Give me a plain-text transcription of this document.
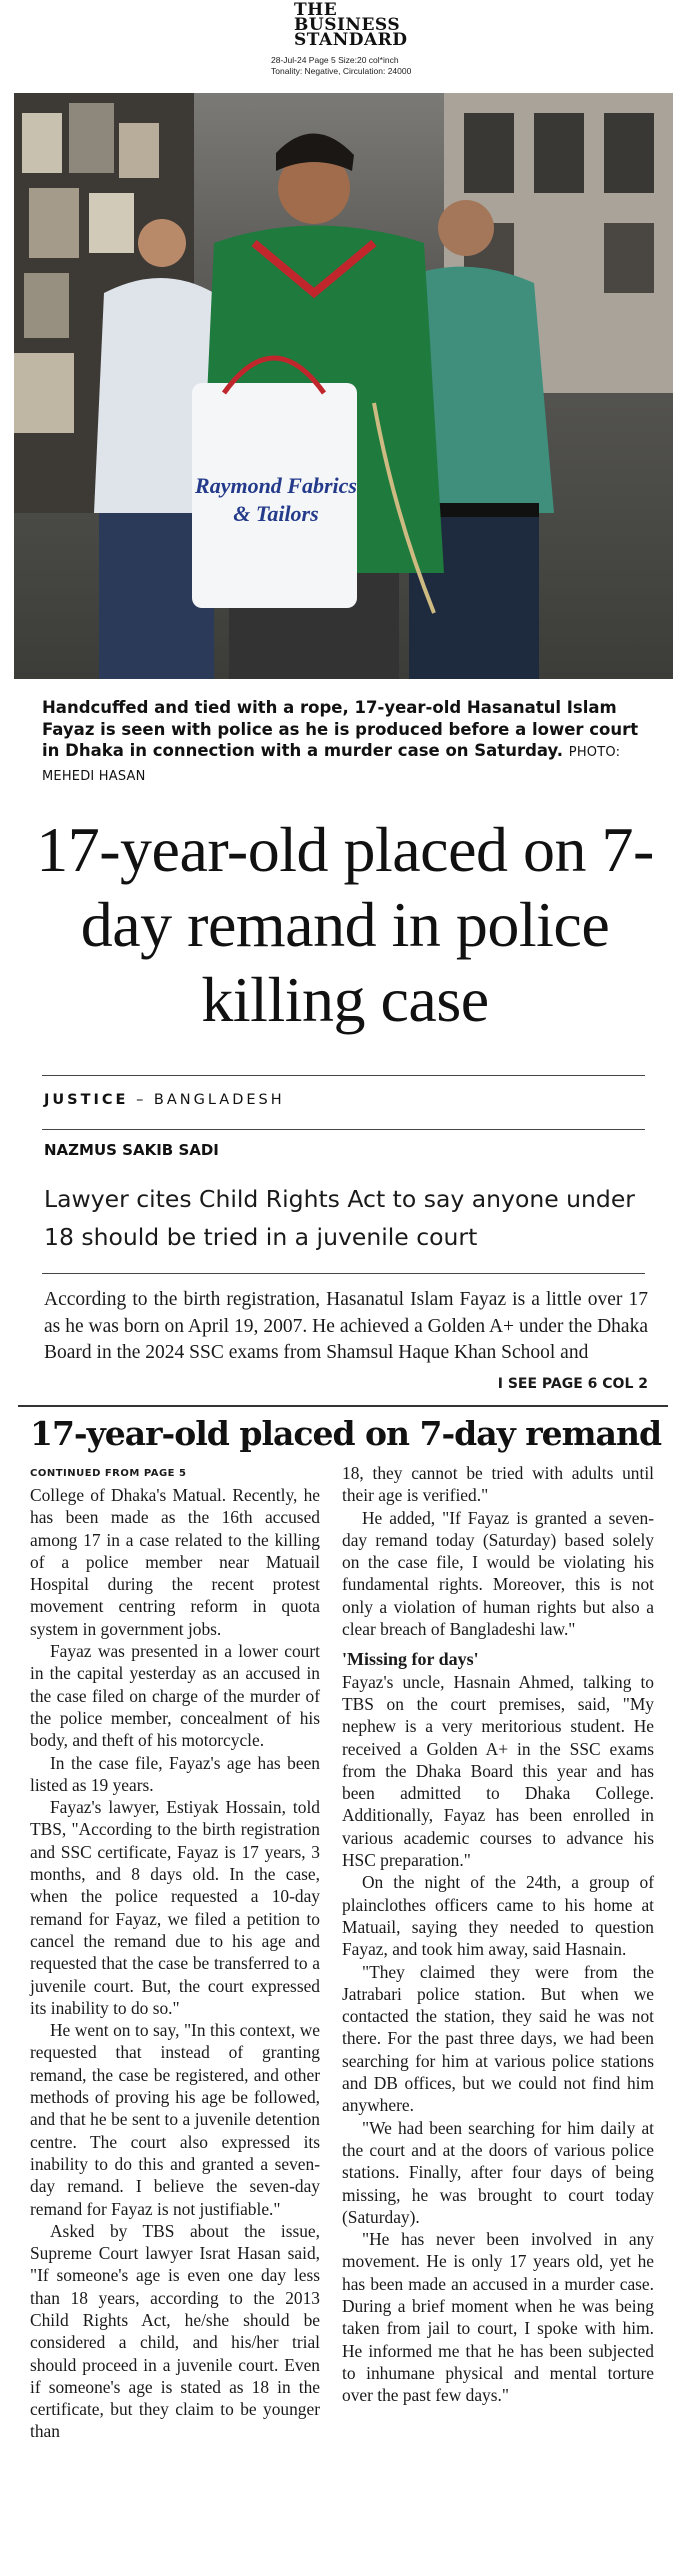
THE
BUSINESS
STANDARD
28-Jul-24 Page 5 Size:20 col*inch
Tonality: Negative, Circulation: 24000
Raymond Fabrics
& Tailors
Handcuffed and tied with a rope, 17-year-old Hasanatul Islam Fayaz is seen with police as he is produced before a lower court in Dhaka in connection with a murder case on Saturday. PHOTO: MEHEDI HASAN
17-year-old placed on 7-day remand in police killing case
JUSTICE – BANGLADESH
NAZMUS SAKIB SADI
Lawyer cites Child Rights Act to say anyone under 18 should be tried in a juvenile court
According to the birth registration, Hasanatul Islam Fayaz is a little over 17 as he was born on April 19, 2007. He achieved a Golden A+ under the Dhaka Board in the 2024 SSC exams from Shamsul Haque Khan School and
I SEE PAGE 6 COL 2
17-year-old placed on 7-day remand
CONTINUED FROM PAGE 5

College of Dhaka's Matual. Recently, he has been made as the 16th accused among 17 in a case related to the killing of a police member near Matuail Hospital during the recent protest movement centring reform in quota system in government jobs.

Fayaz was presented in a lower court in the capital yesterday as an accused in the case filed on charge of the murder of the police member, concealment of his body, and theft of his motorcycle.

In the case file, Fayaz's age has been listed as 19 years.

Fayaz's lawyer, Estiyak Hossain, told TBS, "According to the birth registration and SSC certificate, Fayaz is 17 years, 3 months, and 8 days old. In the case, when the police requested a 10-day remand for Fayaz, we filed a petition to cancel the remand due to his age and requested that the case be transferred to a juvenile court. But, the court expressed its inability to do so."

He went on to say, "In this context, we requested that instead of granting remand, the case be registered, and other methods of proving his age be followed, and that he be sent to a juvenile detention centre. The court also expressed its inability to do this and granted a seven-day remand. I believe the seven-day remand for Fayaz is not justifiable."

Asked by TBS about the issue, Supreme Court lawyer Israt Hasan said, "If someone's age is even one day less than 18 years, according to the 2013 Child Rights Act, he/she should be considered a child, and his/her trial should proceed in a juvenile court. Even if someone's age is stated as 18 in the certificate, but they claim to be younger than

18, they cannot be tried with adults until their age is verified."

He added, "If Fayaz is granted a seven-day remand today (Saturday) based solely on the case file, I would be violating his fundamental rights. Moreover, this is not only a violation of human rights but also a clear breach of Bangladeshi law."

'Missing for days'

Fayaz's uncle, Hasnain Ahmed, talking to TBS on the court premises, said, "My nephew is a very meritorious student. He received a Golden A+ in the SSC exams from the Dhaka Board this year and has been admitted to Dhaka College. Additionally, Fayaz has been enrolled in various academic courses to advance his HSC preparation."

On the night of the 24th, a group of plainclothes officers came to his home at Matuail, saying they needed to question Fayaz, and took him away, said Hasnain.

"They claimed they were from the Jatrabari police station. But when we contacted the station, they said he was not there. For the past three days, we had been searching for him at various police stations and DB offices, but we could not find him anywhere.

"We had been searching for him daily at the court and at the doors of various police stations. Finally, after four days of being missing, he was brought to court today (Saturday).

"He has never been involved in any movement. He is only 17 years old, yet he has been made an accused in a murder case. During a brief moment when he was being taken from jail to court, I spoke with him. He informed me that he has been subjected to inhumane physical and mental torture over the past few days."
